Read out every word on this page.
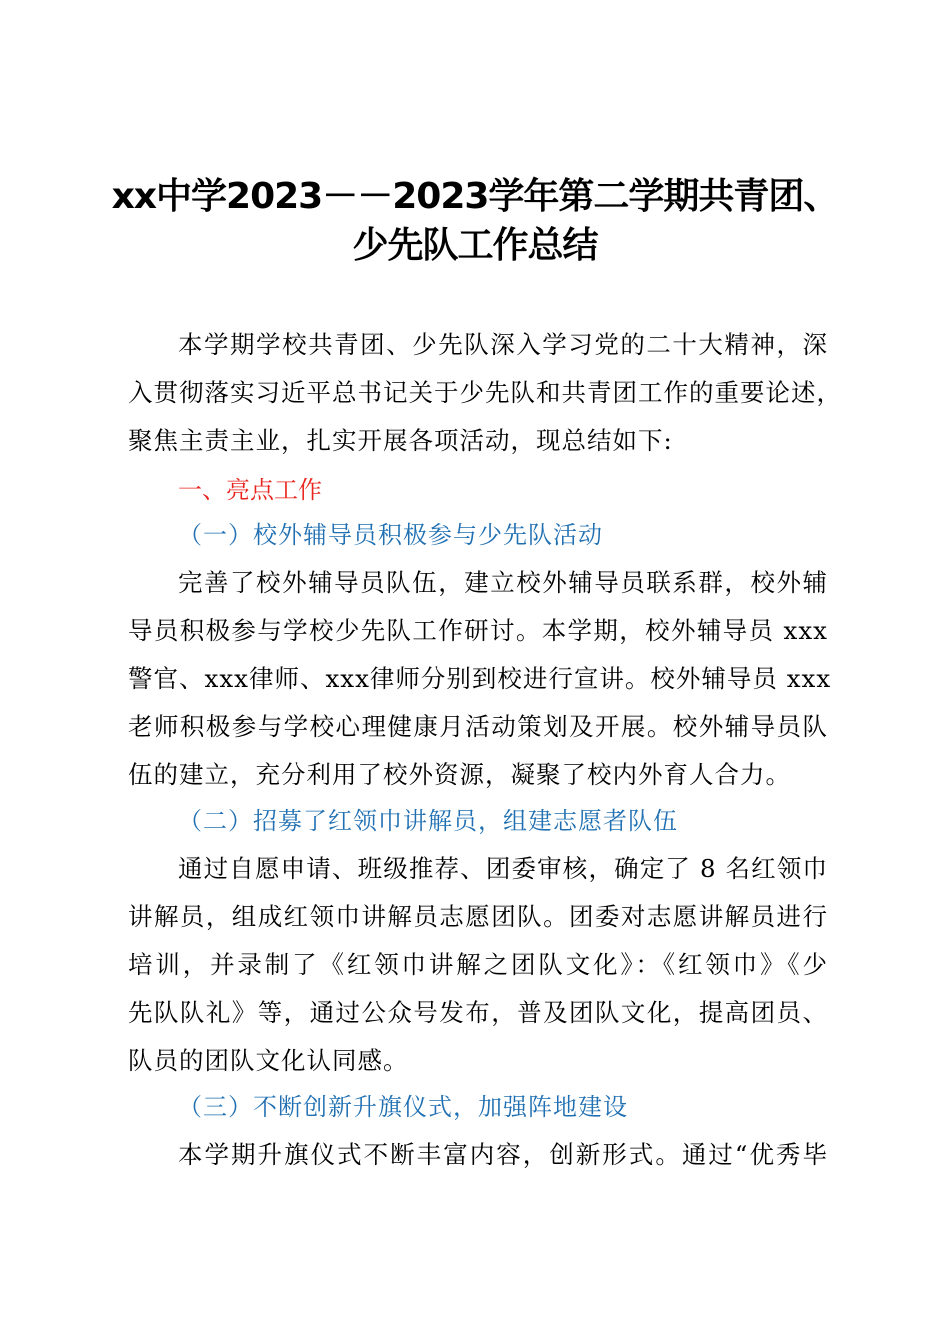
xx中学2023－－2023学年第二学期共青团、
少先队工作总结
本学期学校共青团、少先队深入学习党的二十大精神，深
入贯彻落实习近平总书记关于少先队和共青团工作的重要论述，
聚焦主责主业，扎实开展各项活动，现总结如下:
一、亮点工作
（一）校外辅导员积极参与少先队活动
完善了校外辅导员队伍，建立校外辅导员联系群，校外辅
导员积极参与学校少先队工作研讨。本学期，校外辅导员 xxx
警官、xxx律师、xxx律师分别到校进行宣讲。校外辅导员 xxx
老师积极参与学校心理健康月活动策划及开展。校外辅导员队
伍的建立，充分利用了校外资源，凝聚了校内外育人合力。
（二）招募了红领巾讲解员，组建志愿者队伍
通过自愿申请、班级推荐、团委审核，确定了 8 名红领巾
讲解员，组成红领巾讲解员志愿团队。团委对志愿讲解员进行
培训，并录制了《红领巾讲解之团队文化》：《红领巾》《少
先队队礼》等，通过公众号发布，普及团队文化，提高团员、
队员的团队文化认同感。
（三）不断创新升旗仪式，加强阵地建设
本学期升旗仪式不断丰富内容，创新形式。通过“优秀毕
